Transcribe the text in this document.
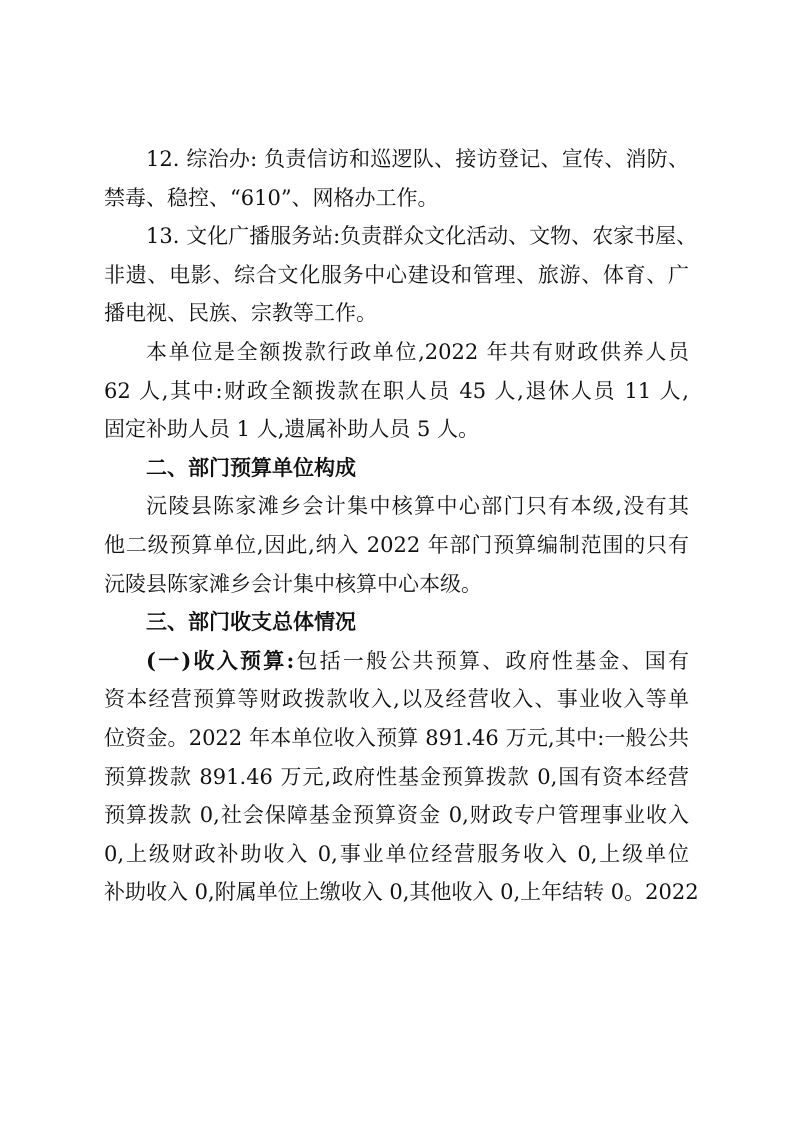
12. 综治办: 负责信访和巡逻队、接访登记、宣传、消防、
禁毒、稳控、“610”、网格办工作。
13. 文化广播服务站:负责群众文化活动、文物、农家书屋、
非遗、电影、综合文化服务中心建设和管理、旅游、体育、广
播电视、民族、宗教等工作。
本单位是全额拨款行政单位,2022 年共有财政供养人员
62 人,其中:财政全额拨款在职人员 45 人,退休人员 11 人,
固定补助人员 1 人,遗属补助人员 5 人。
二、部门预算单位构成
沅陵县陈家滩乡会计集中核算中心部门只有本级,没有其
他二级预算单位,因此,纳入 2022 年部门预算编制范围的只有
沅陵县陈家滩乡会计集中核算中心本级。
三、部门收支总体情况
(一)收入预算:包括一般公共预算、政府性基金、国有
资本经营预算等财政拨款收入,以及经营收入、事业收入等单
位资金。2022 年本单位收入预算 891.46 万元,其中:一般公共
预算拨款 891.46 万元,政府性基金预算拨款 0,国有资本经营
预算拨款 0,社会保障基金预算资金 0,财政专户管理事业收入
0,上级财政补助收入 0,事业单位经营服务收入 0,上级单位
补助收入 0,附属单位上缴收入 0,其他收入 0,上年结转 0。2022
